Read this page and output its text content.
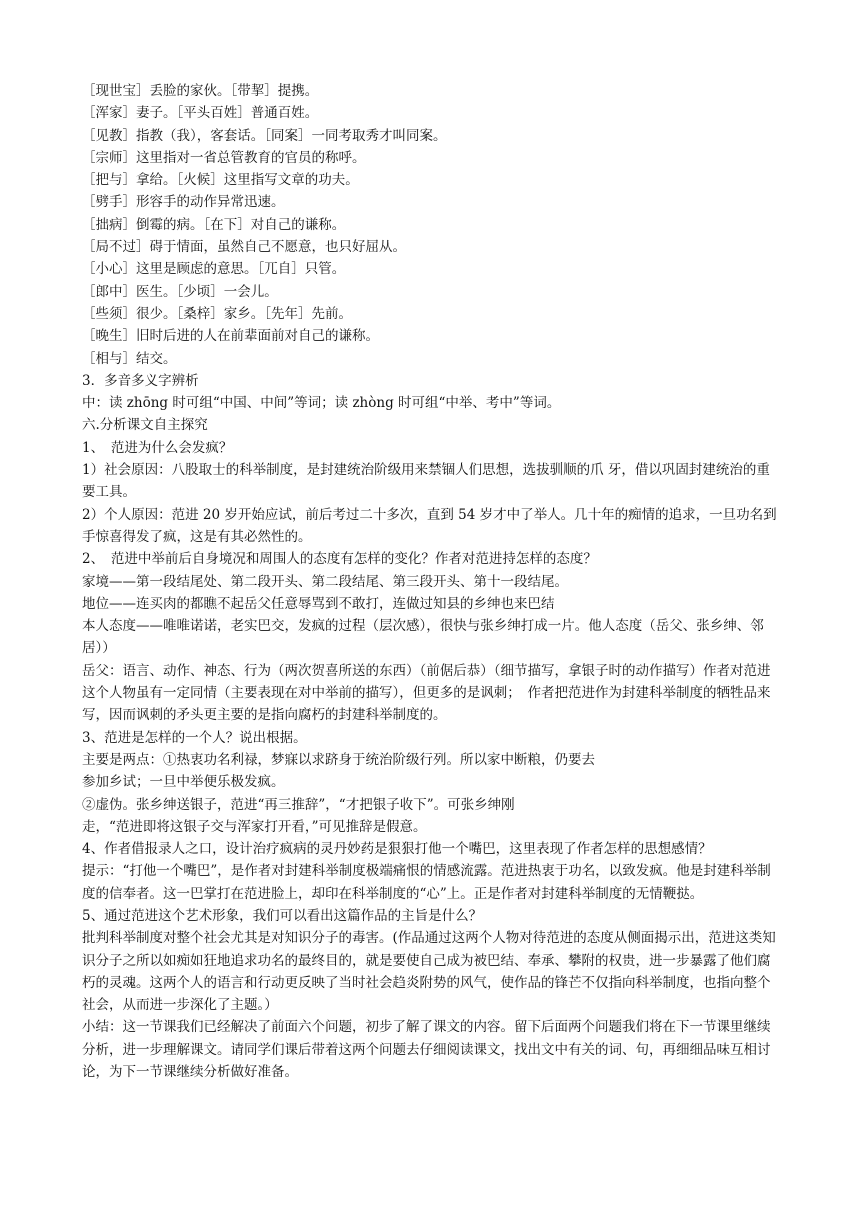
［现世宝］丢脸的家伙。［带挈］提携。
［浑家］妻子。［平头百姓］普通百姓。
［见教］指教（我），客套话。［同案］一同考取秀才叫同案。
［宗师］这里指对一省总管教育的官员的称呼。
［把与］拿给。［火候］这里指写文章的功夫。
［劈手］形容手的动作异常迅速。
［拙病］倒霉的病。［在下］对自己的谦称。
［局不过］碍于情面，虽然自己不愿意，也只好屈从。
［小心］这里是顾虑的意思。［兀自］只管。
［郎中］医生。［少顷］一会儿。
［些须］很少。［桑梓］家乡。［先年］先前。
［晚生］旧时后进的人在前辈面前对自己的谦称。
［相与］结交。
3．多音多义字辨析
中：读 zhōng 时可组“中国、中间”等词；读 zhòng 时可组“中举、考中”等词。
六.分析课文自主探究
1、　范进为什么会发疯？
1）社会原因：八股取士的科举制度，是封建统治阶级用来禁锢人们思想，选拔驯顺的爪 牙，借以巩固封建统治的重要工具。
2）个人原因：范进 20 岁开始应试，前后考过二十多次，直到 54 岁才中了举人。几十年的痴情的追求，一旦功名到手惊喜得发了疯，这是有其必然性的。
2、　范进中举前后自身境况和周围人的态度有怎样的变化？作者对范进持怎样的态度？
家境——第一段结尾处、第二段开头、第二段结尾、第三段开头、第十一段结尾。
地位——连买肉的都瞧不起岳父任意辱骂到不敢打，连做过知县的乡绅也来巴结
本人态度——唯唯诺诺，老实巴交，发疯的过程（层次感），很快与张乡绅打成一片。他人态度（岳父、张乡绅、邻居））
岳父：语言、动作、神态、行为（两次贺喜所送的东西）（前倨后恭）（细节描写，拿银子时的动作描写）作者对范进这个人物虽有一定同情（主要表现在对中举前的描写），但更多的是讽刺；　作者把范进作为封建科举制度的牺牲品来写，因而讽刺的矛头更主要的是指向腐朽的封建科举制度的。
3、范进是怎样的一个人？说出根据。
主要是两点：①热衷功名利禄，梦寐以求跻身于统治阶级行列。所以家中断粮，仍要去
参加乡试；一旦中举便乐极发疯。
②虚伪。张乡绅送银子，范进“再三推辞”，“才把银子收下”。可张乡绅刚
走，“范进即将这银子交与浑家打开看，”可见推辞是假意。
4、作者借报录人之口，设计治疗疯病的灵丹妙药是狠狠打他一个嘴巴，这里表现了作者怎样的思想感情？
提示：“打他一个嘴巴”，是作者对封建科举制度极端痛恨的情感流露。范进热衷于功名，以致发疯。他是封建科举制度的信奉者。这一巴掌打在范进脸上，却印在科举制度的“心”上。正是作者对封建科举制度的无情鞭挞。
5、通过范进这个艺术形象，我们可以看出这篇作品的主旨是什么？
批判科举制度对整个社会尤其是对知识分子的毒害。(作品通过这两个人物对待范进的态度从侧面揭示出，范进这类知识分子之所以如痴如狂地追求功名的最终目的，就是要使自己成为被巴结、奉承、攀附的权贵，进一步暴露了他们腐朽的灵魂。这两个人的语言和行动更反映了当时社会趋炎附势的风气，使作品的锋芒不仅指向科举制度，也指向整个社会，从而进一步深化了主题。）
小结：这一节课我们已经解决了前面六个问题，初步了解了课文的内容。留下后面两个问题我们将在下一节课里继续分析，进一步理解课文。请同学们课后带着这两个问题去仔细阅读课文，找出文中有关的词、句，再细细品味互相讨论，为下一节课继续分析做好准备。
